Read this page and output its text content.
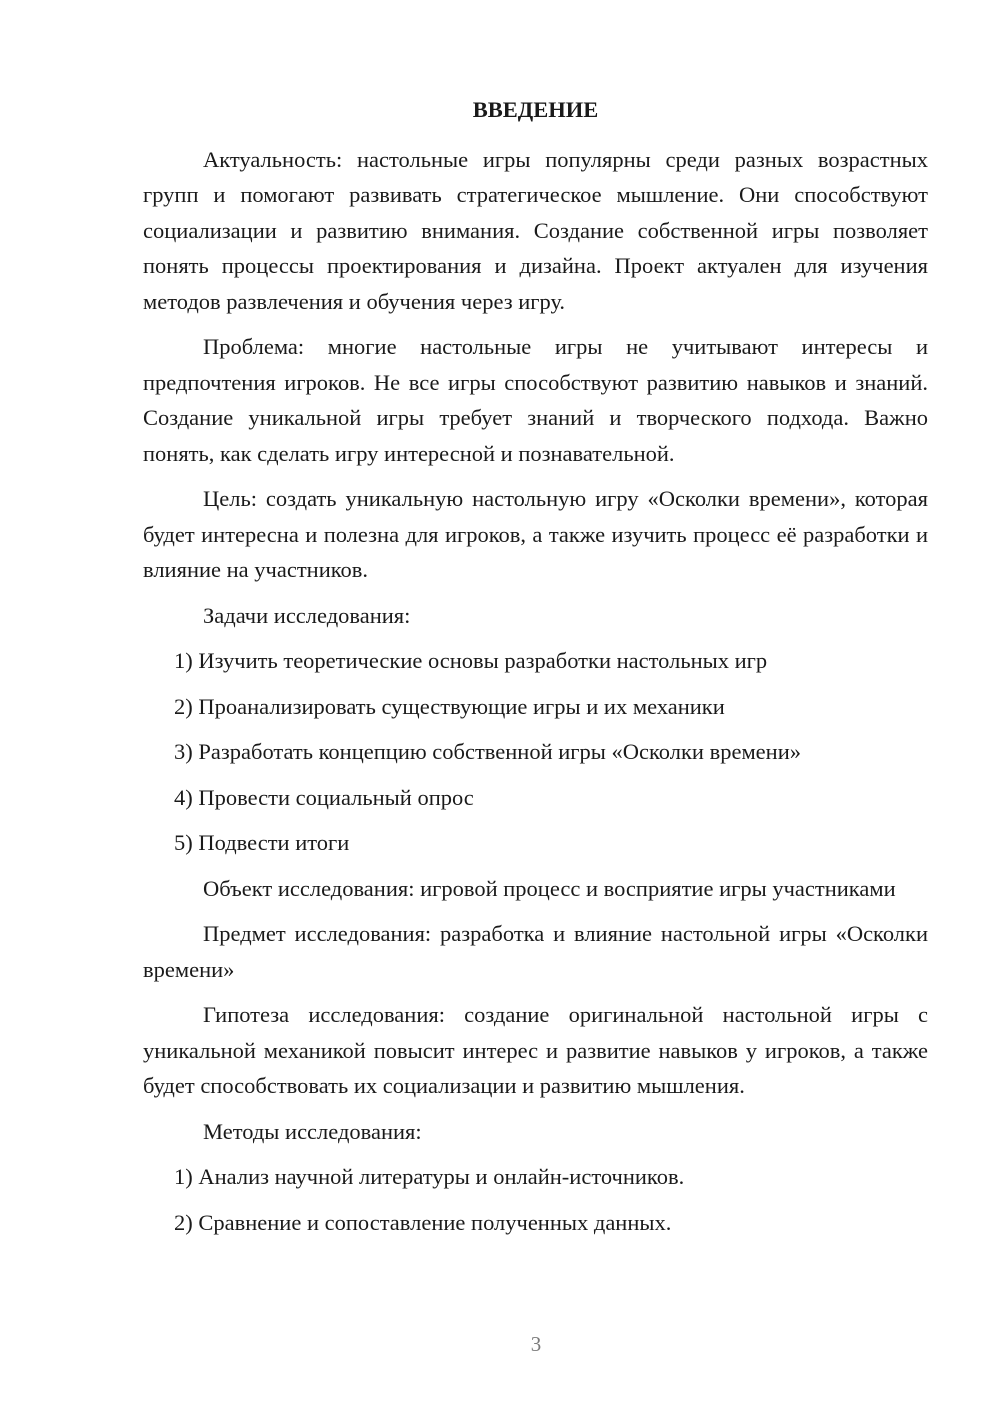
ВВЕДЕНИЕ

Актуальность: настольные игры популярны среди разных возрастных групп и помогают развивать стратегическое мышление. Они способствуют социализации и развитию внимания. Создание собственной игры позволяет понять процессы проектирования и дизайна. Проект актуален для изучения методов развлечения и обучения через игру.

Проблема: многие настольные игры не учитывают интересы и предпочтения игроков. Не все игры способствуют развитию навыков и знаний. Создание уникальной игры требует знаний и творческого подхода. Важно понять, как сделать игру интересной и познавательной.

Цель: создать уникальную настольную игру «Осколки времени», которая будет интересна и полезна для игроков, а также изучить процесс её разработки и влияние на участников.

Задачи исследования:
1) Изучить теоретические основы разработки настольных игр
2) Проанализировать существующие игры и их механики
3) Разработать концепцию собственной игры «Осколки времени»
4) Провести социальный опрос
5) Подвести итоги

Объект исследования: игровой процесс и восприятие игры участниками

Предмет исследования: разработка и влияние настольной игры «Осколки времени»

Гипотеза исследования: создание оригинальной настольной игры с уникальной механикой повысит интерес и развитие навыков у игроков, а также будет способствовать их социализации и развитию мышления.

Методы исследования:
1) Анализ научной литературы и онлайн-источников.
2) Сравнение и сопоставление полученных данных.
3
